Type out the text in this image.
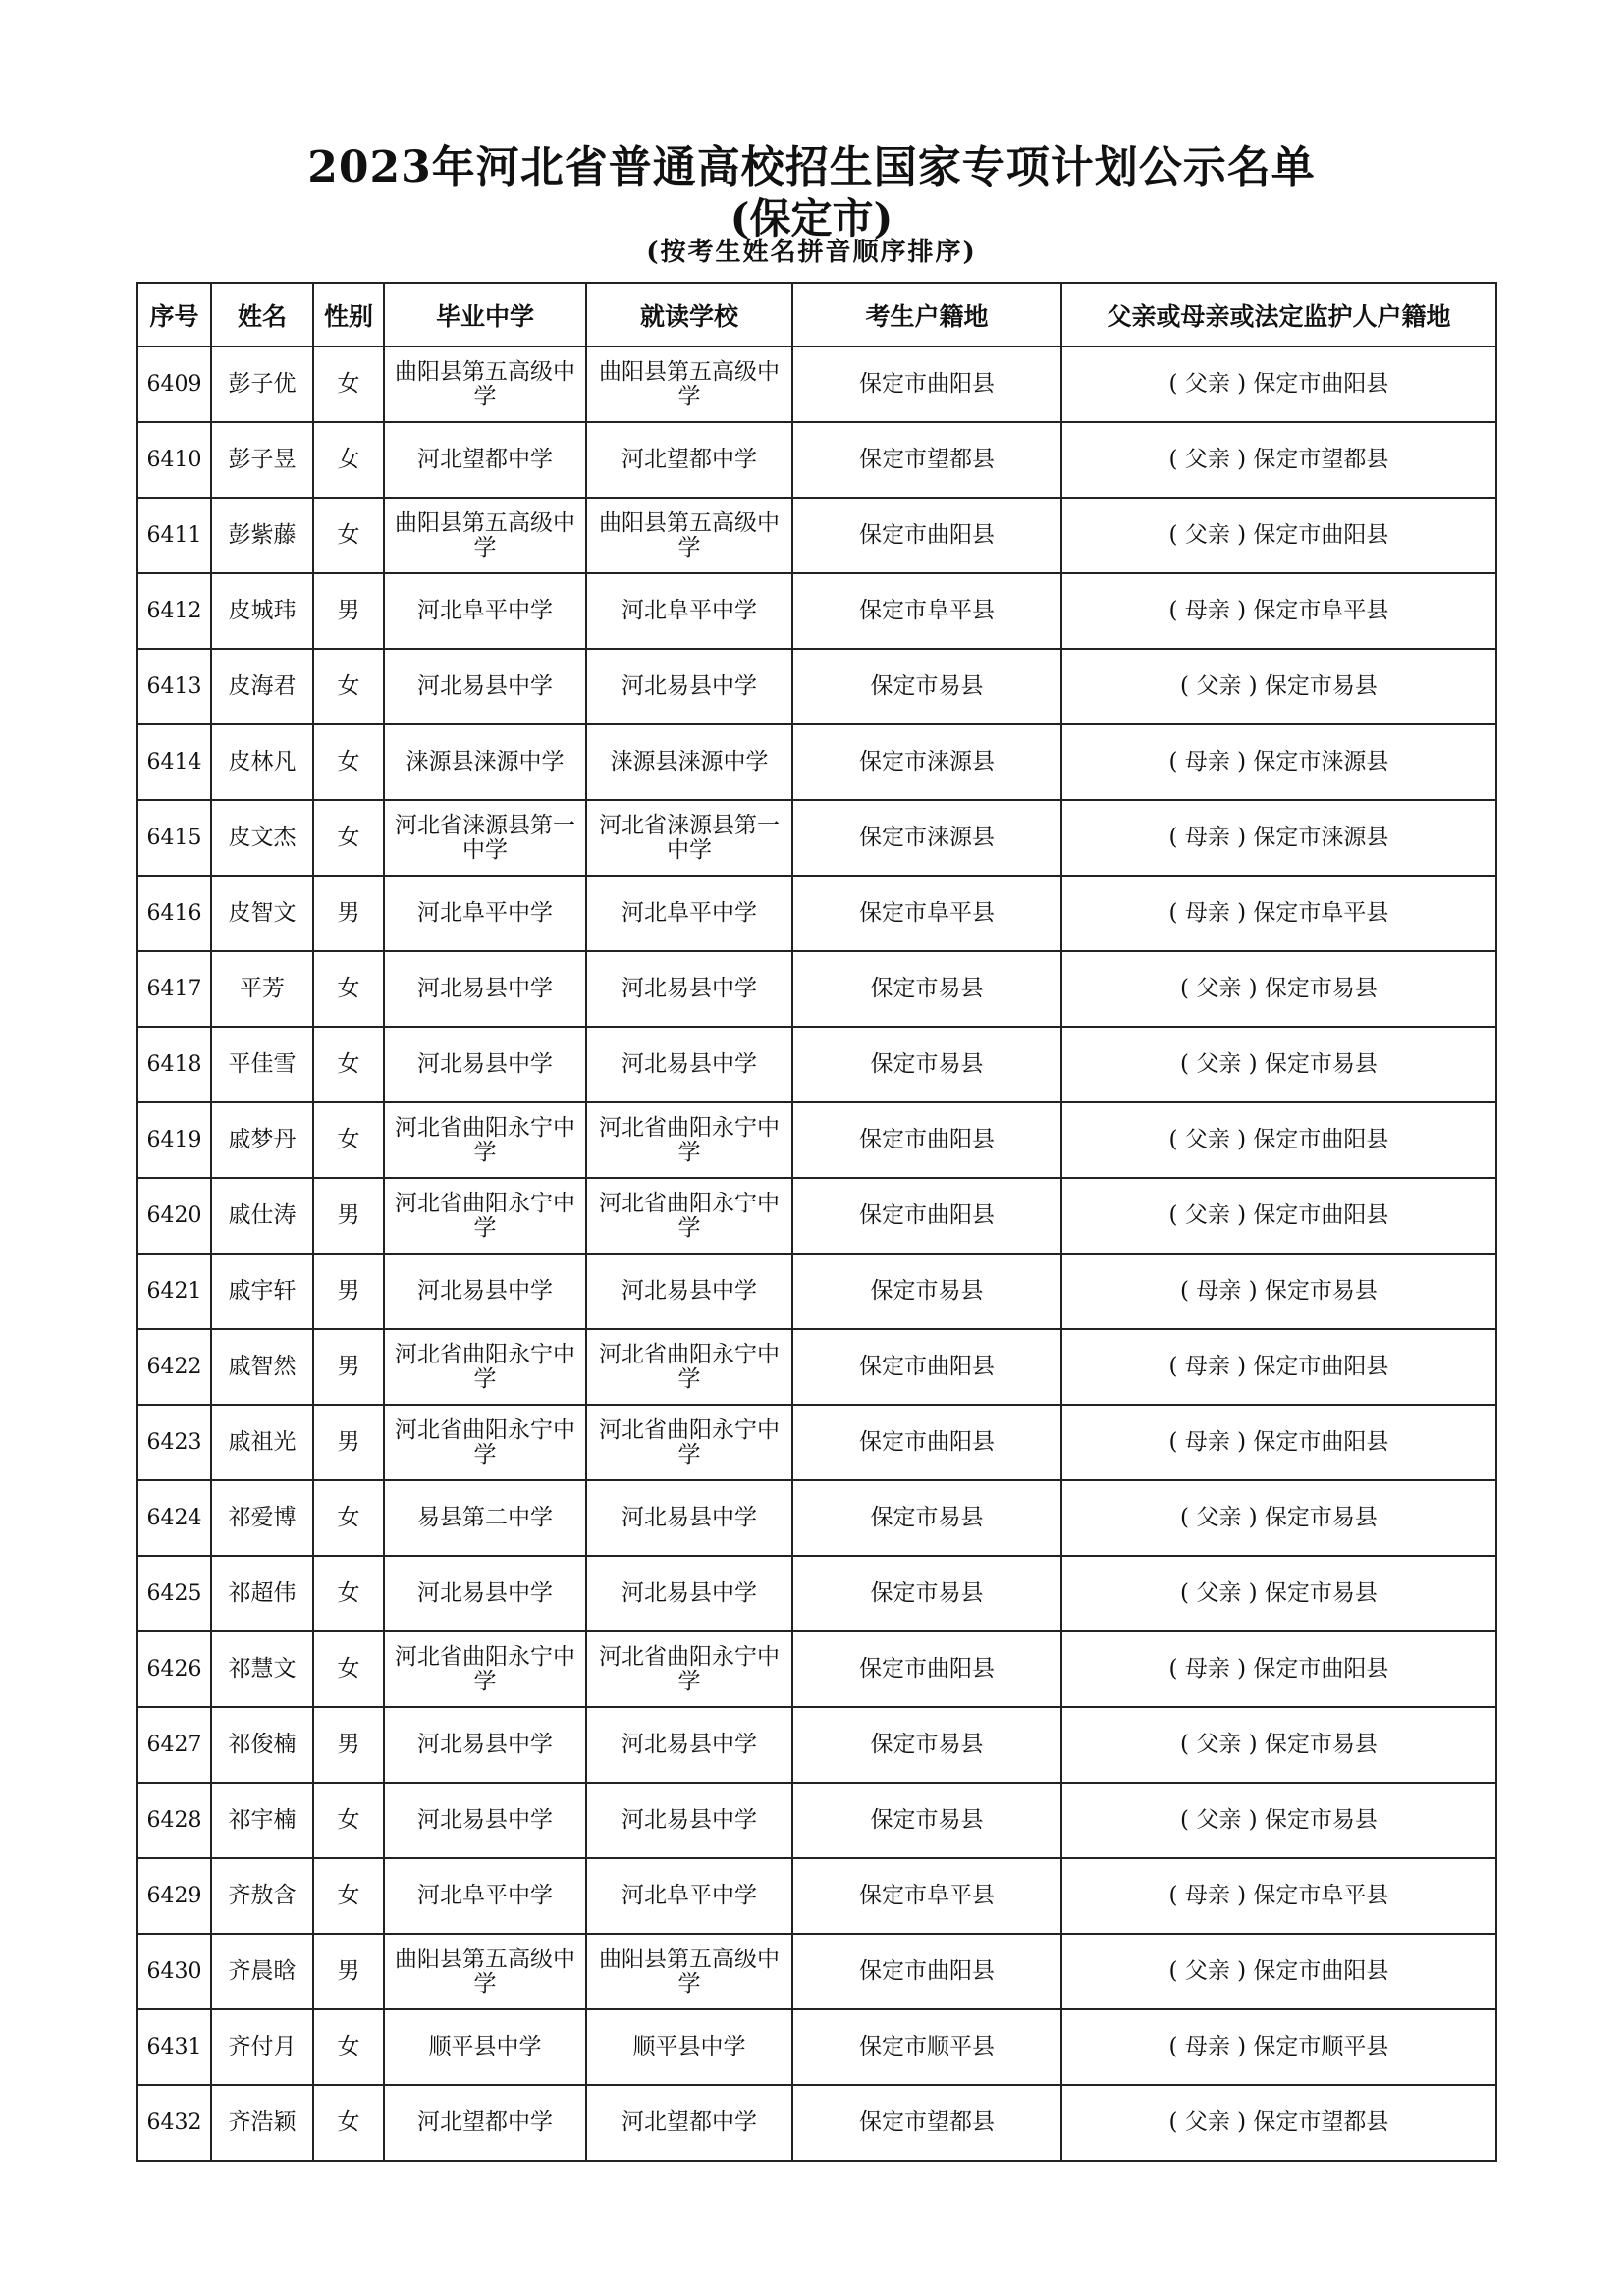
2023年河北省普通高校招生国家专项计划公示名单
(保定市)
(按考生姓名拼音顺序排序)
序号	姓名	性别	毕业中学	就读学校	考生户籍地	父亲或母亲或法定监护人户籍地
6409	彭子优	女	曲阳县第五高级中学	曲阳县第五高级中学	保定市曲阳县	( 父亲 ) 保定市曲阳县
6410	彭子昱	女	河北望都中学	河北望都中学	保定市望都县	( 父亲 ) 保定市望都县
6411	彭紫藤	女	曲阳县第五高级中学	曲阳县第五高级中学	保定市曲阳县	( 父亲 ) 保定市曲阳县
6412	皮城玮	男	河北阜平中学	河北阜平中学	保定市阜平县	( 母亲 ) 保定市阜平县
6413	皮海君	女	河北易县中学	河北易县中学	保定市易县	( 父亲 ) 保定市易县
6414	皮林凡	女	涞源县涞源中学	涞源县涞源中学	保定市涞源县	( 母亲 ) 保定市涞源县
6415	皮文杰	女	河北省涞源县第一中学	河北省涞源县第一中学	保定市涞源县	( 母亲 ) 保定市涞源县
6416	皮智文	男	河北阜平中学	河北阜平中学	保定市阜平县	( 母亲 ) 保定市阜平县
6417	平芳	女	河北易县中学	河北易县中学	保定市易县	( 父亲 ) 保定市易县
6418	平佳雪	女	河北易县中学	河北易县中学	保定市易县	( 父亲 ) 保定市易县
6419	戚梦丹	女	河北省曲阳永宁中学	河北省曲阳永宁中学	保定市曲阳县	( 父亲 ) 保定市曲阳县
6420	戚仕涛	男	河北省曲阳永宁中学	河北省曲阳永宁中学	保定市曲阳县	( 父亲 ) 保定市曲阳县
6421	戚宇轩	男	河北易县中学	河北易县中学	保定市易县	( 母亲 ) 保定市易县
6422	戚智然	男	河北省曲阳永宁中学	河北省曲阳永宁中学	保定市曲阳县	( 母亲 ) 保定市曲阳县
6423	戚祖光	男	河北省曲阳永宁中学	河北省曲阳永宁中学	保定市曲阳县	( 母亲 ) 保定市曲阳县
6424	祁爱博	女	易县第二中学	河北易县中学	保定市易县	( 父亲 ) 保定市易县
6425	祁超伟	女	河北易县中学	河北易县中学	保定市易县	( 父亲 ) 保定市易县
6426	祁慧文	女	河北省曲阳永宁中学	河北省曲阳永宁中学	保定市曲阳县	( 母亲 ) 保定市曲阳县
6427	祁俊楠	男	河北易县中学	河北易县中学	保定市易县	( 父亲 ) 保定市易县
6428	祁宇楠	女	河北易县中学	河北易县中学	保定市易县	( 父亲 ) 保定市易县
6429	齐敖含	女	河北阜平中学	河北阜平中学	保定市阜平县	( 母亲 ) 保定市阜平县
6430	齐晨晗	男	曲阳县第五高级中学	曲阳县第五高级中学	保定市曲阳县	( 父亲 ) 保定市曲阳县
6431	齐付月	女	顺平县中学	顺平县中学	保定市顺平县	( 母亲 ) 保定市顺平县
6432	齐浩颖	女	河北望都中学	河北望都中学	保定市望都县	( 父亲 ) 保定市望都县
